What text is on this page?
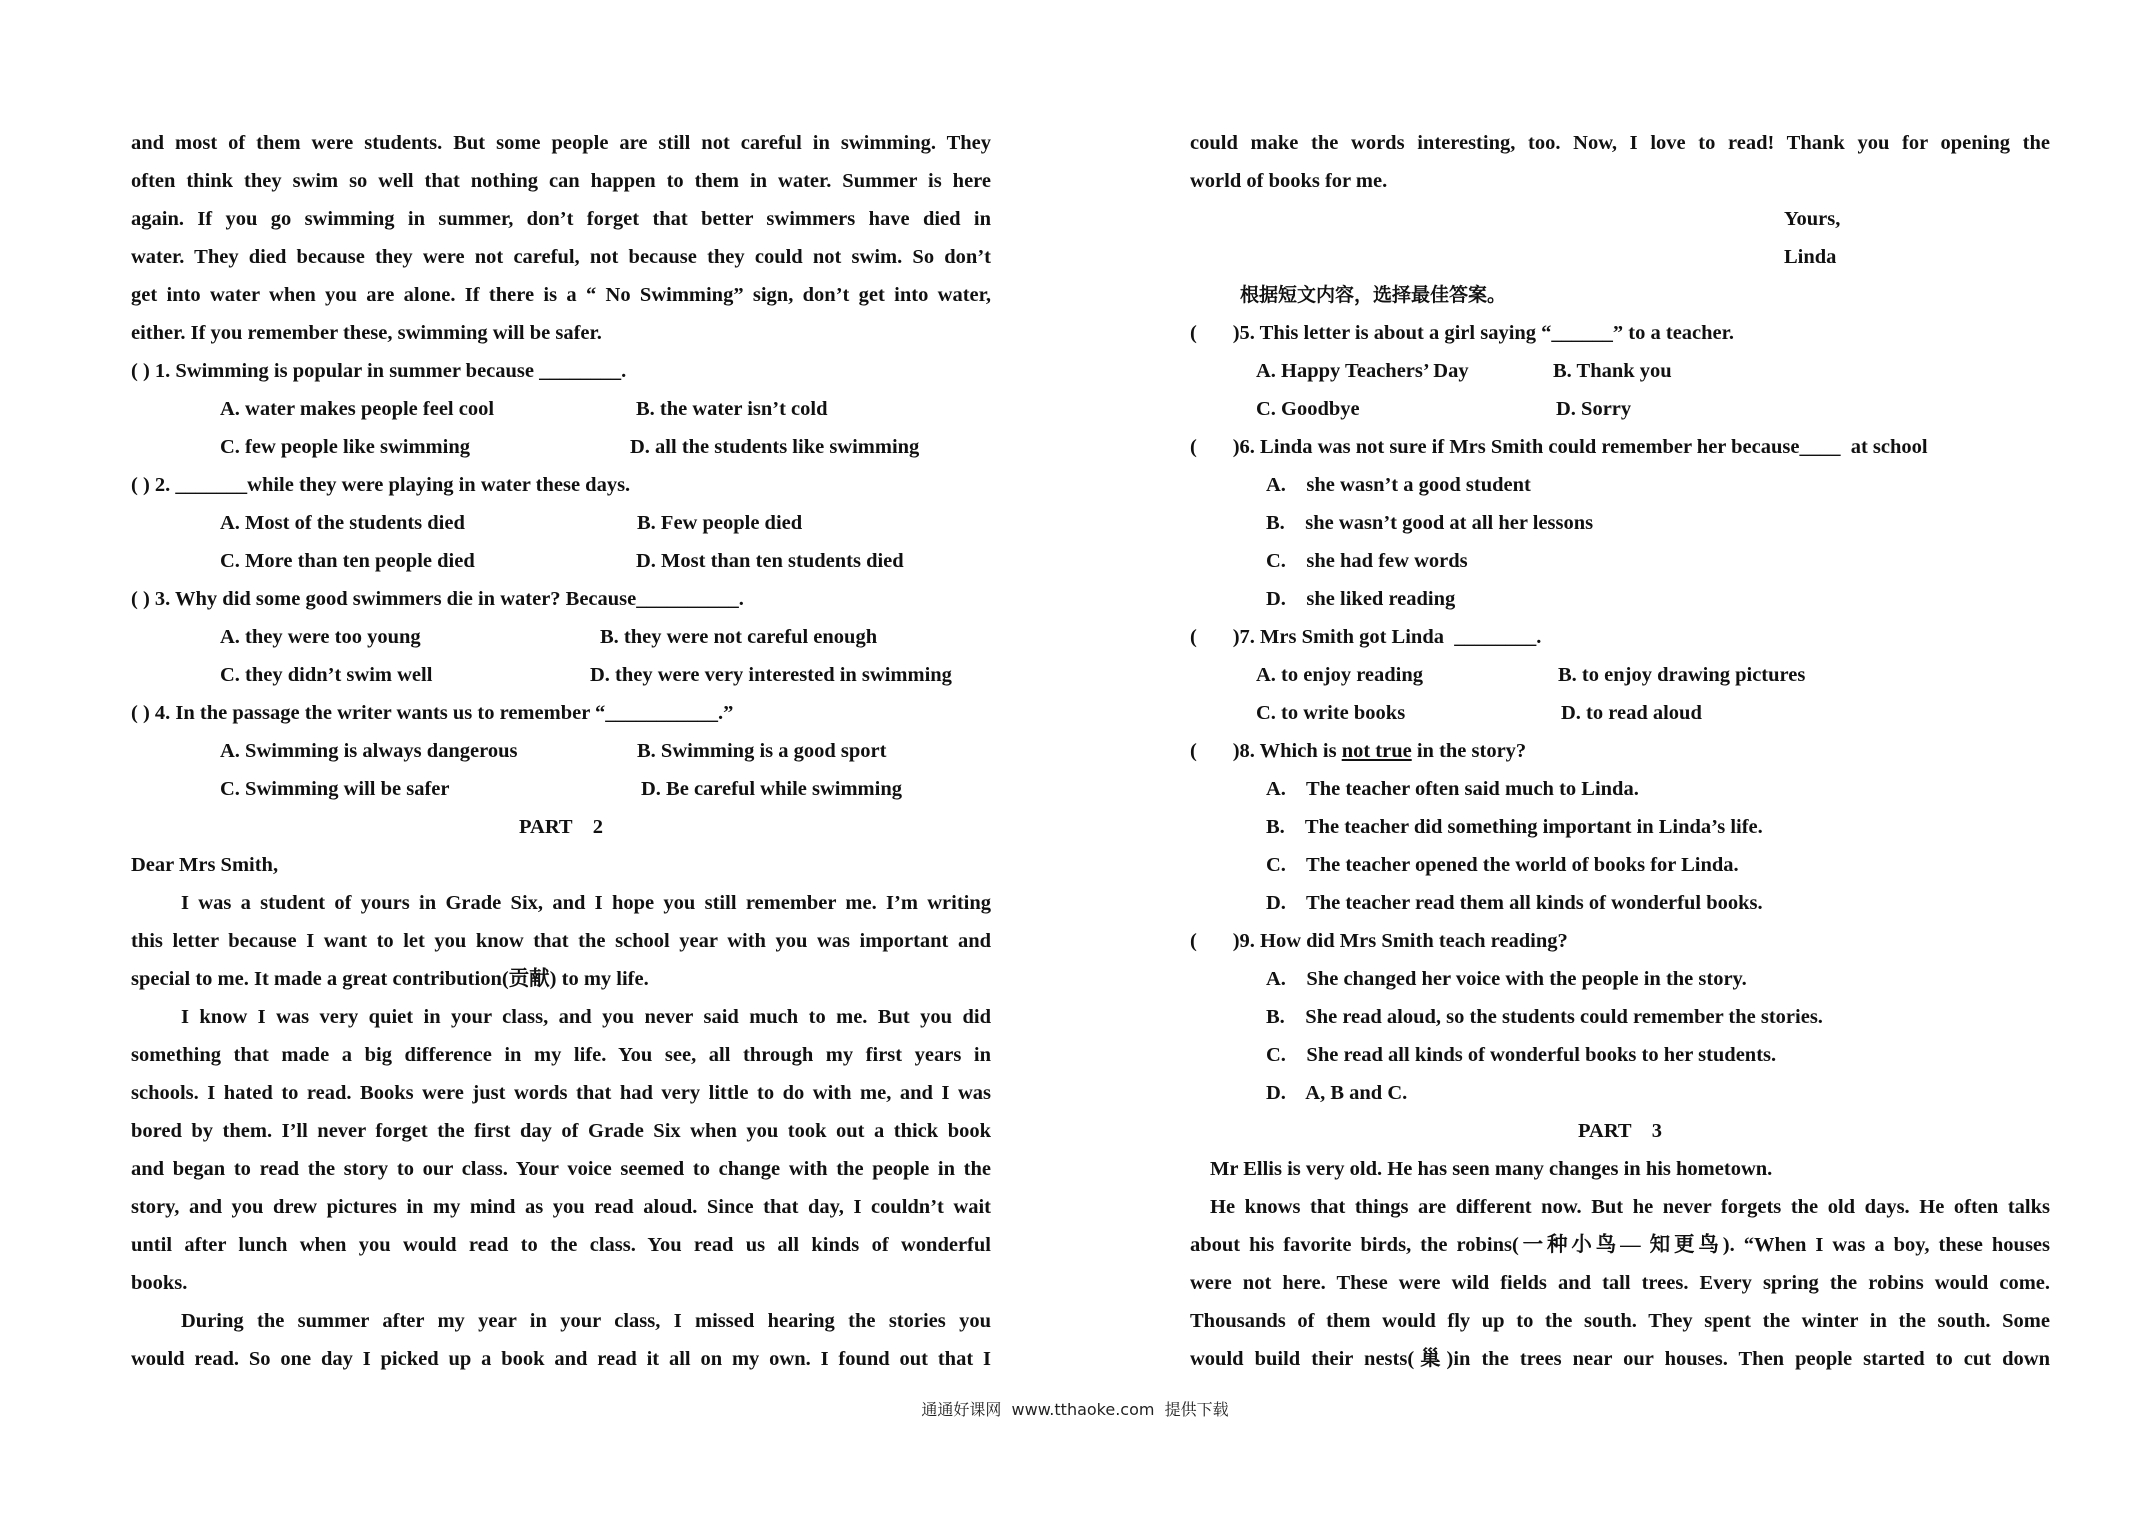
and most of them were students. But some people are still not careful in swimming. They
often think they swim so well that nothing can happen to them in water. Summer is here
again. If you go swimming in summer, don’t forget that better swimmers have died in
water. They died because they were not careful, not because they could not swim. So don’t
get into water when you are alone. If there is a “ No Swimming” sign, don’t get into water,
either. If you remember these, swimming will be safer.
( ) 1. Swimming is popular in summer because ________.
A. water makes people feel cool	B. the water isn’t cold
C. few people like swimming	D. all the students like swimming
( ) 2. _______while they were playing in water these days.
A. Most of the students died	B. Few people died
C. More than ten people died	D. Most than ten students died
( ) 3. Why did some good swimmers die in water? Because__________.
A. they were too young	B. they were not careful enough
C. they didn’t swim well	D. they were very interested in swimming
( ) 4. In the passage the writer wants us to remember “___________.”
A. Swimming is always dangerous	B. Swimming is a good sport
C. Swimming will be safer	D. Be careful while swimming
PART    2
Dear Mrs Smith,
I was a student of yours in Grade Six, and I hope you still remember me. I’m writing
this letter because I want to let you know that the school year with you was important and
special to me. It made a great contribution(贡献) to my life.
I know I was very quiet in your class, and you never said much to me. But you did
something that made a big difference in my life. You see, all through my first years in
schools. I hated to read. Books were just words that had very little to do with me, and I was
bored by them. I’ll never forget the first day of Grade Six when you took out a thick book
and began to read the story to our class. Your voice seemed to change with the people in the
story, and you drew pictures in my mind as you read aloud. Since that day, I couldn’t wait
until after lunch when you would read to the class. You read us all kinds of wonderful
books.
During the summer after my year in your class, I missed hearing the stories you
would read. So one day I picked up a book and read it all on my own. I found out that I
could make the words interesting, too. Now, I love to read! Thank you for opening the
world of books for me.
Yours,
Linda
根据短文内容，选择最佳答案。
(       )5. This letter is about a girl saying “______” to a teacher.
A. Happy Teachers’ Day	B. Thank you
C. Goodbye	D. Sorry
(       )6. Linda was not sure if Mrs Smith could remember her because____  at school
A.    she wasn’t a good student
B.    she wasn’t good at all her lessons
C.    she had few words
D.    she liked reading
(       )7. Mrs Smith got Linda  ________.
A. to enjoy reading	B. to enjoy drawing pictures
C. to write books	D. to read aloud
(       )8. Which is not true in the story?
A.    The teacher often said much to Linda.
B.    The teacher did something important in Linda’s life.
C.    The teacher opened the world of books for Linda.
D.    The teacher read them all kinds of wonderful books.
(       )9. How did Mrs Smith teach reading?
A.    She changed her voice with the people in the story.
B.    She read aloud, so the students could remember the stories.
C.    She read all kinds of wonderful books to her students.
D.    A, B and C.
PART    3
Mr Ellis is very old. He has seen many changes in his hometown.
He knows that things are different now. But he never forgets the old days. He often talks
about his favorite birds, the robins(一种小鸟— 知更鸟). “When I was a boy, these houses
were not here. These were wild fields and tall trees. Every spring the robins would come.
Thousands of them would fly up to the south. They spent the winter in the south. Some
would build their nests(巢)in the trees near our houses. Then people started to cut down
通通好课网  www.tthaoke.com  提供下载
